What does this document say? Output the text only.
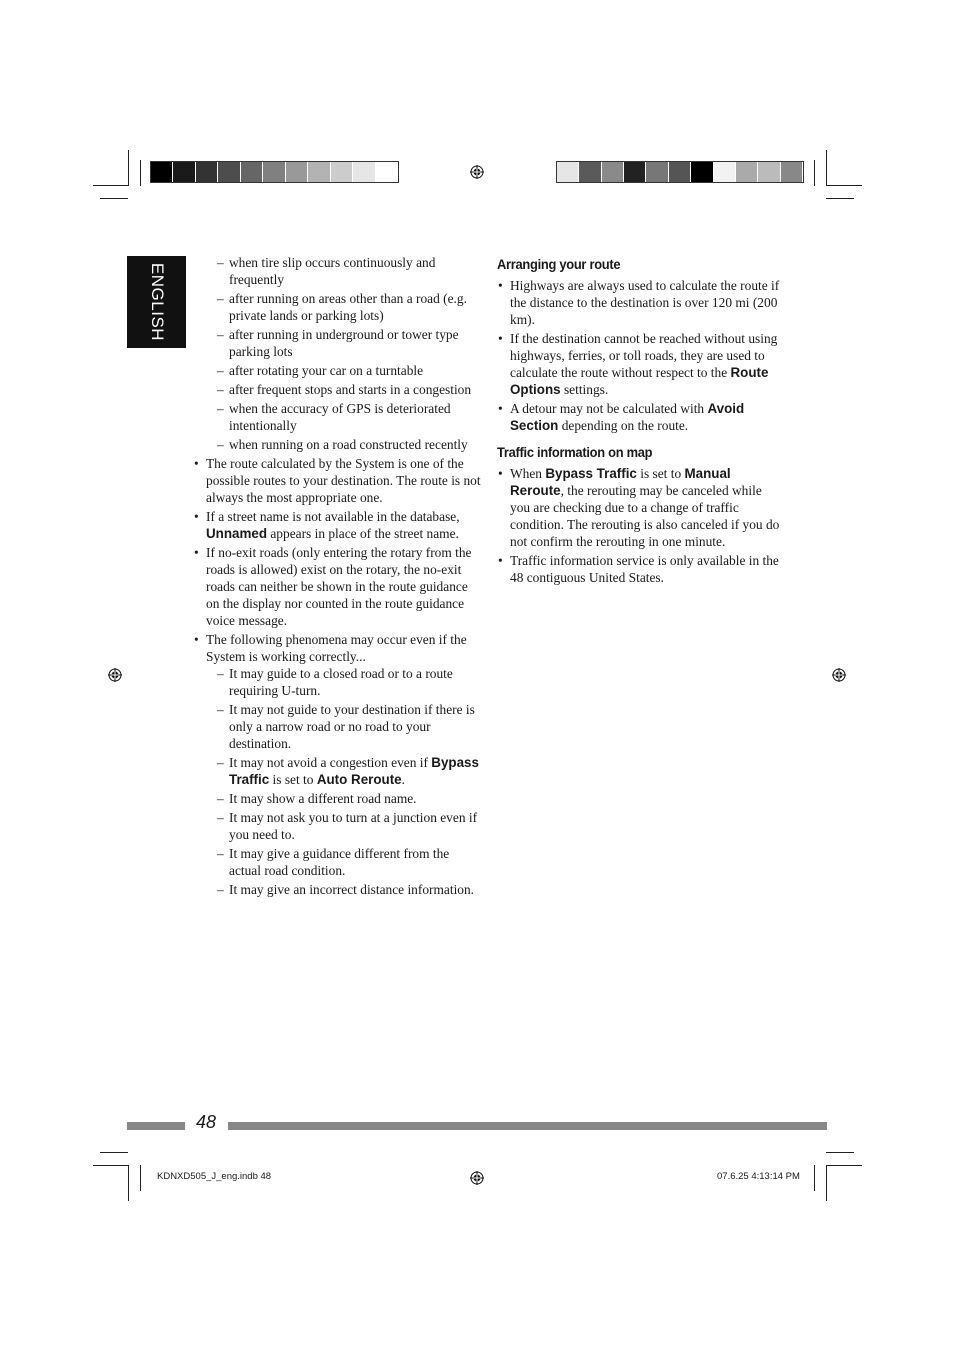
ENGLISH
– when tire slip occurs continuously and frequently
– after running on areas other than a road (e.g. private lands or parking lots)
– after running in underground or tower type parking lots
– after rotating your car on a turntable
– after frequent stops and starts in a congestion
– when the accuracy of GPS is deteriorated intentionally
– when running on a road constructed recently
• The route calculated by the System is one of the possible routes to your destination. The route is not always the most appropriate one.
• If a street name is not available in the database, Unnamed appears in place of the street name.
• If no-exit roads (only entering the rotary from the roads is allowed) exist on the rotary, the no-exit roads can neither be shown in the route guidance on the display nor counted in the route guidance voice message.
• The following phenomena may occur even if the System is working correctly...
– It may guide to a closed road or to a route requiring U-turn.
– It may not guide to your destination if there is only a narrow road or no road to your destination.
– It may not avoid a congestion even if Bypass Traffic is set to Auto Reroute.
– It may show a different road name.
– It may not ask you to turn at a junction even if you need to.
– It may give a guidance different from the actual road condition.
– It may give an incorrect distance information.
Arranging your route
• Highways are always used to calculate the route if the distance to the destination is over 120 mi (200 km).
• If the destination cannot be reached without using highways, ferries, or toll roads, they are used to calculate the route without respect to the Route Options settings.
• A detour may not be calculated with Avoid Section depending on the route.
Traffic information on map
• When Bypass Traffic is set to Manual Reroute, the rerouting may be canceled while you are checking due to a change of traffic condition. The rerouting is also canceled if you do not confirm the rerouting in one minute.
• Traffic information service is only available in the 48 contiguous United States.
48
KDNXD505_J_eng.indb 48	07.6.25 4:13:14 PM
